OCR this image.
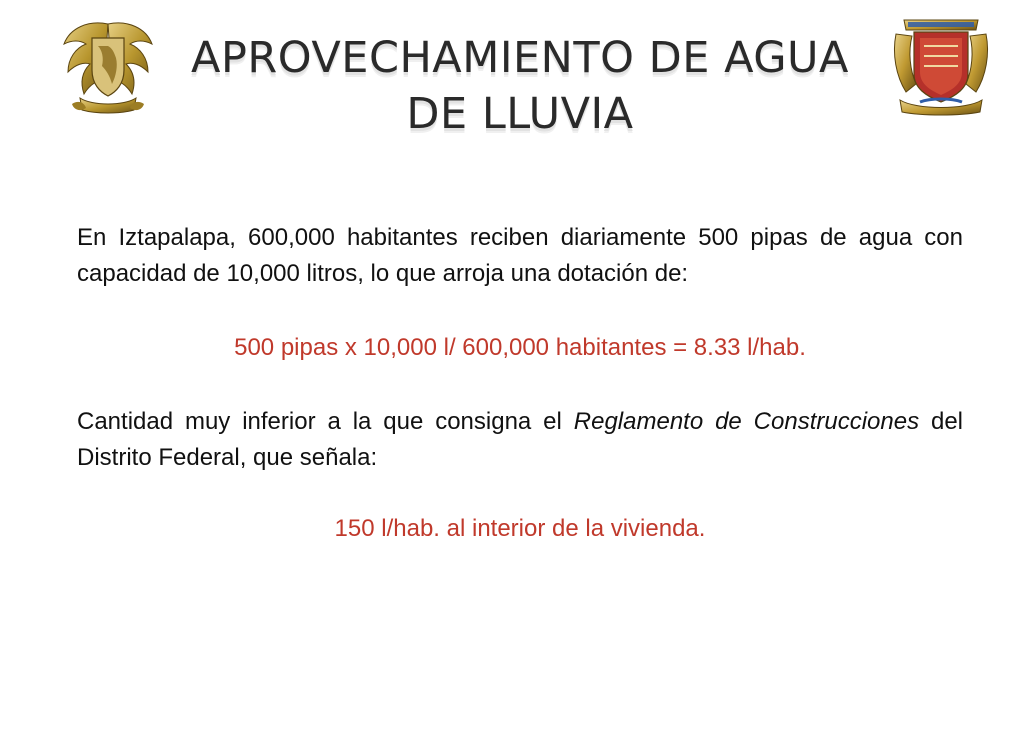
APROVECHAMIENTO DE AGUA
DE LLUVIA

En Iztapalapa, 600,000 habitantes reciben diariamente 500 pipas de agua con capacidad de 10,000 litros, lo que arroja una dotación de:

500 pipas x 10,000 l/ 600,000 habitantes = 8.33 l/hab.

Cantidad muy inferior a la que consigna el Reglamento de Construcciones del Distrito Federal, que señala:

150 l/hab. al interior de la vivienda.
